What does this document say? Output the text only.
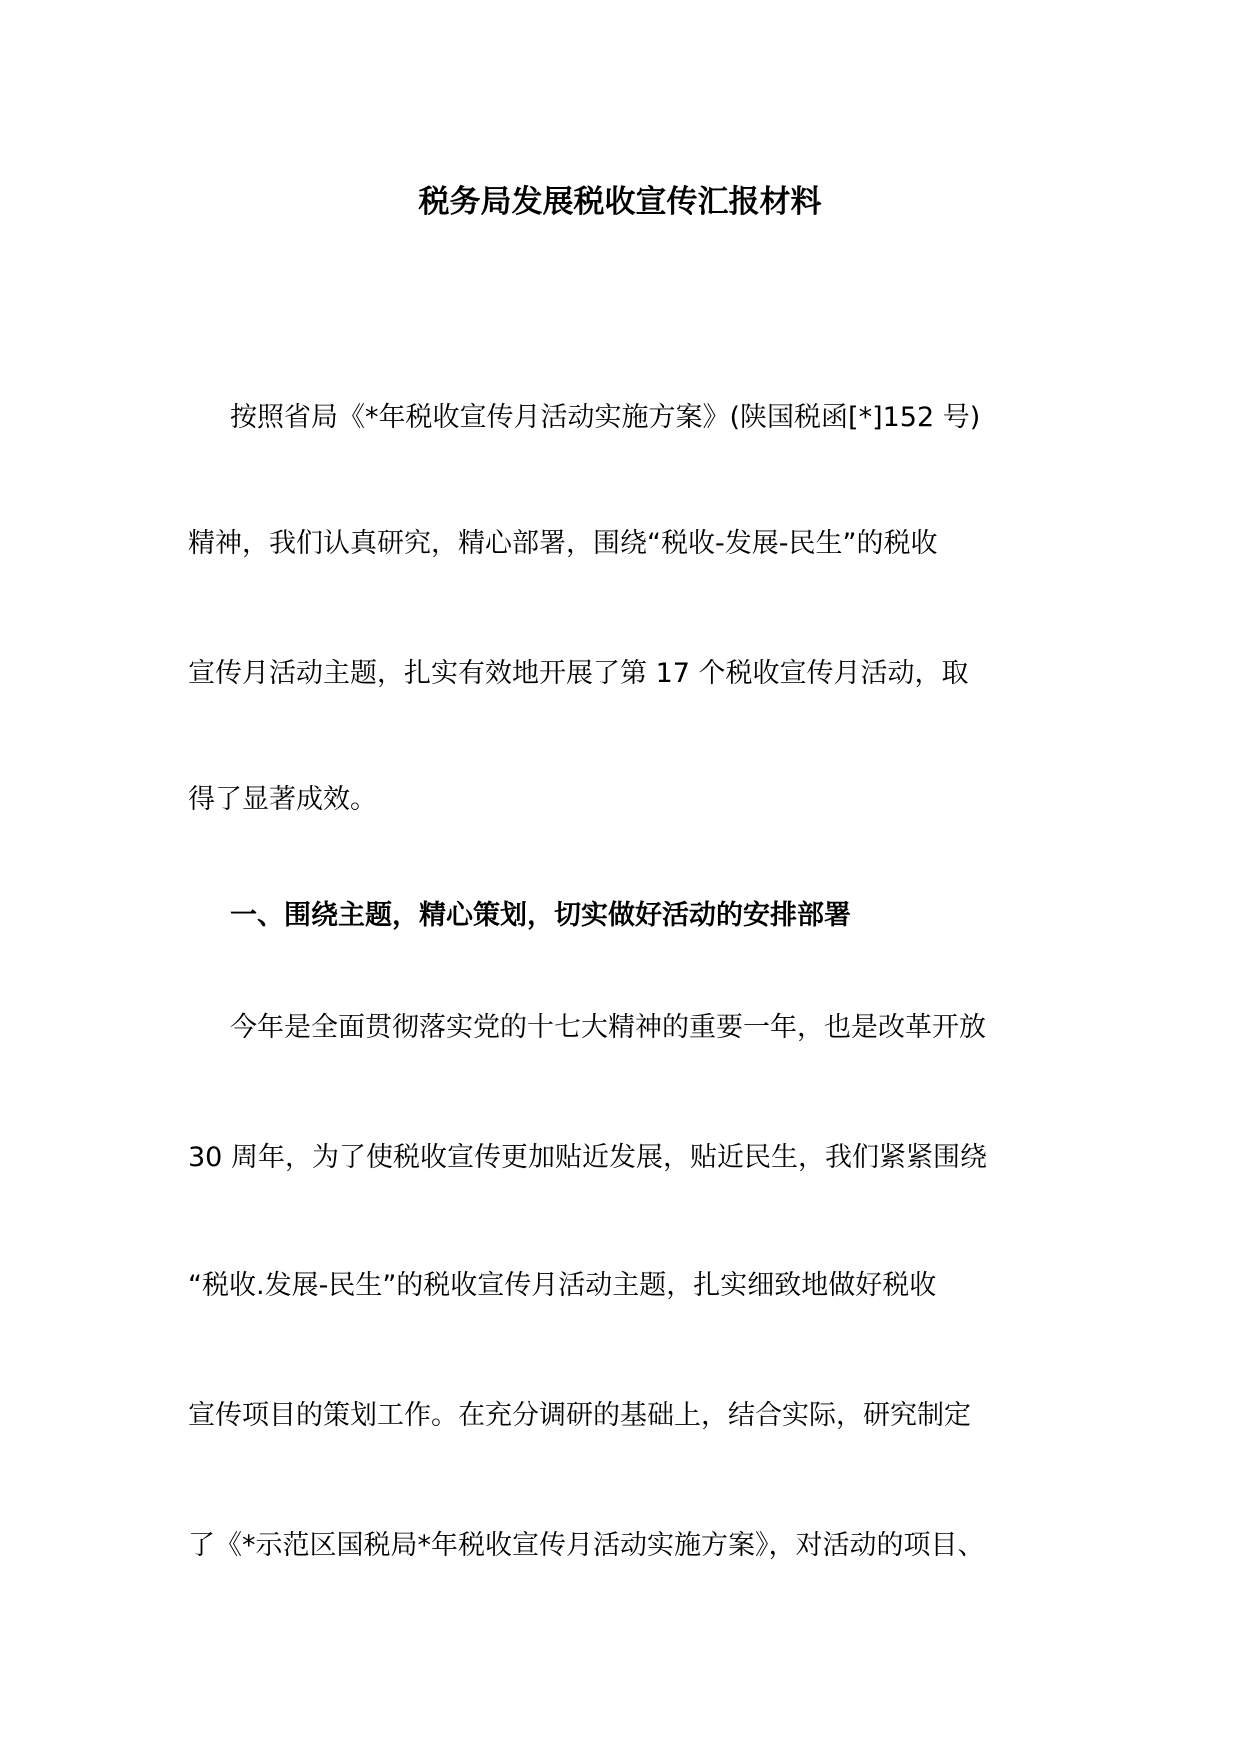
税务局发展税收宣传汇报材料
按照省局《*年税收宣传月活动实施方案》(陕国税函[*]152 号)
精神，我们认真研究，精心部署，围绕“税收-发展-民生”的税收
宣传月活动主题，扎实有效地开展了第 17 个税收宣传月活动，取
得了显著成效。
一、围绕主题，精心策划，切实做好活动的安排部署
今年是全面贯彻落实党的十七大精神的重要一年，也是改革开放
30 周年，为了使税收宣传更加贴近发展，贴近民生，我们紧紧围绕
“税收.发展-民生”的税收宣传月活动主题，扎实细致地做好税收
宣传项目的策划工作。在充分调研的基础上，结合实际，研究制定
了《*示范区国税局*年税收宣传月活动实施方案》，对活动的项目、
